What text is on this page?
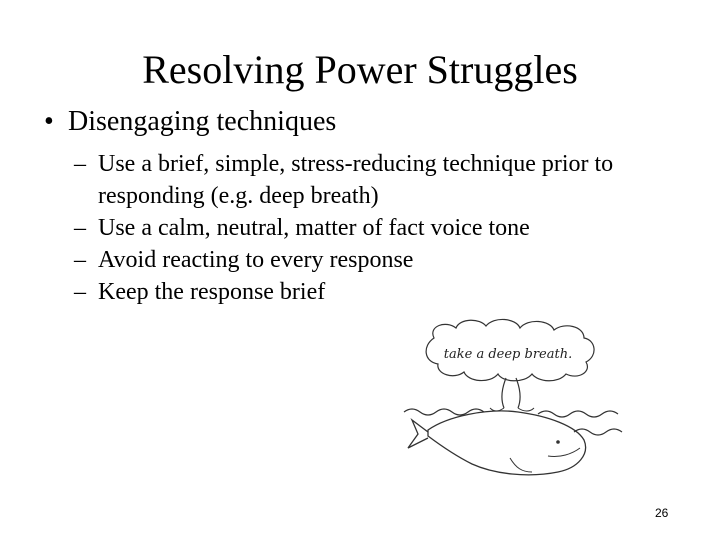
Resolving Power Struggles
• Disengaging techniques
– Use a brief, simple, stress-reducing technique prior to responding (e.g. deep breath)
– Use a calm, neutral, matter of fact voice tone
– Avoid reacting to every response
– Keep the response brief
take a deep breath.
26
